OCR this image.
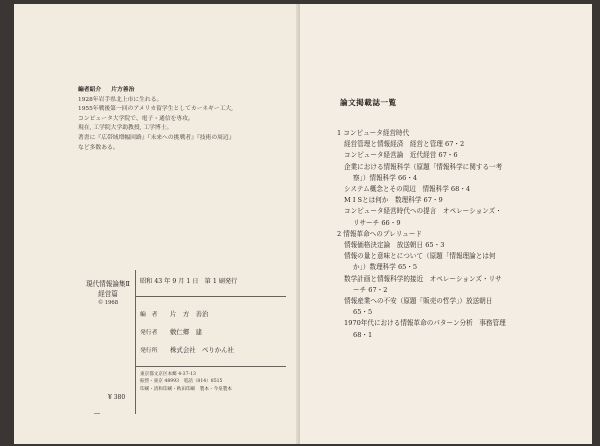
編者紹介 片方善治
1928年岩手県北上市に生れる。
1955年戦後第一回のアメリカ留学生としてカーネギー工大,
コンピュータ大学院で、電子・通信を専攻。
現在, 工学院大学助教授, 工学博士。
著書に『広帯域増幅回路』『未来への挑戦者』『技術の周辺』
など多数ある。
現代情報論集Ⅱ
経営篇
© 1968
¥ 380
昭和 43 年 9 月 1 日　第 1 刷発行
編　者 片　方　善治
発行者 敷仁郷　建
発行所 株式会社　ぺりかん社
東京都文京区本郷 4-37-13
振替・東京 48993　電話（814）8515
印刷・清和印刷・秋田印刷　製本・今泉製本
論文掲載誌一覧
1 コンピュータ経営時代
経営管理と情報経済　経営と管理 67・2
コンピュータ経営論　近代経営 67・6
企業における情報科学（原題「情報科学に関する一考
察」）情報科学 66・4
システム概念とその周辺　情報科学 68・4
M I Sとは何か　数理科学 67・9
コンピュータ経営時代への提言　オペレーションズ・
リサーチ 66・9
2 情報革命へのプレリュード
情報価格決定論　放送朝日 65・3
情報の量と意味とについて（原題「情報理論とは何
か」）数理科学 65・5
数学計画と情報科学的接近　オペレーションズ・リサ
ーチ 67・2
情報産業への不安（原題「販売の哲学」）放送朝日
65・5
1970年代における情報革命のパターン分析　事務管理
68・1
